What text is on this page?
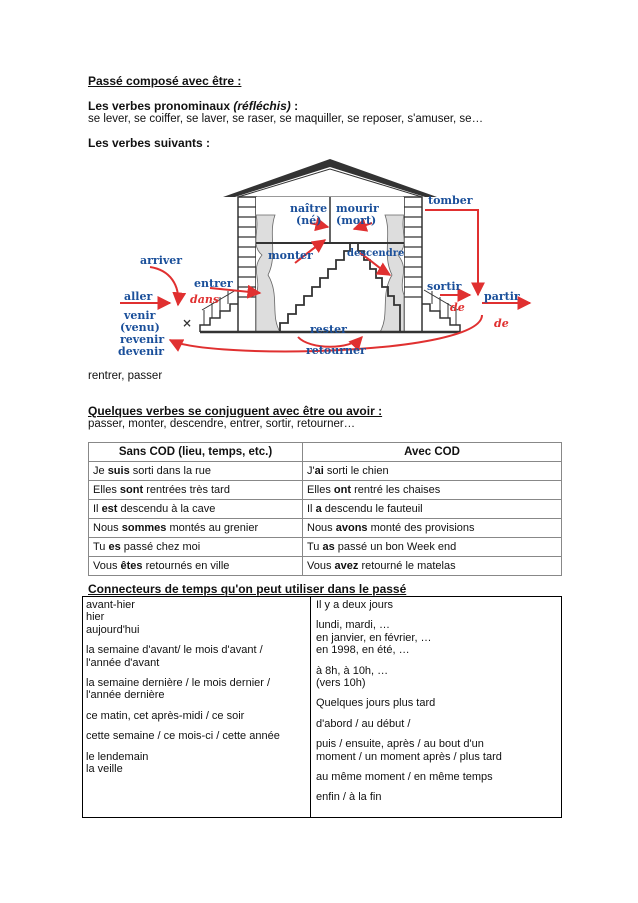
Passé composé avec être :
Les verbes pronominaux (réfléchis) :
se lever, se coiffer, se laver, se raser, se maquiller, se reposer, s'amuser, se…
Les verbes suivants :
naître
(né)
mourir
(mort)
tomber
arriver	monter	descendre
entrer	sortir
aller	partir
venir
(venu)
revenir
devenir
rester
retourner
dans
de
de
×
rentrer, passer
Quelques verbes se conjuguent avec être ou avoir :
passer, monter, descendre, entrer, sortir, retourner…
Sans COD (lieu, temps, etc.)	Avec COD
Je suis sorti dans la rue	J'ai sorti le chien
Elles sont rentrées très tard	Elles ont rentré les chaises
Il est descendu à la cave	Il a descendu le fauteuil
Nous sommes montés au grenier	Nous avons monté des provisions
Tu es passé chez moi	Tu as passé un bon Week end
Vous êtes retournés en ville	Vous avez retourné le matelas
Connecteurs de temps qu'on peut utiliser dans le passé
avant-hier
hier
aujourd'hui
la semaine d'avant/ le mois d'avant /
l'année d'avant
la semaine dernière / le mois dernier /
l'année dernière
ce matin, cet après-midi / ce soir
cette semaine / ce mois-ci / cette année
le lendemain
la veille
Il y a deux jours
lundi, mardi, …
en janvier, en février, …
en 1998, en été, …
à 8h, à 10h, …
(vers 10h)
Quelques jours plus tard
d'abord / au début /
puis / ensuite, après / au bout d'un
moment / un moment après / plus tard
au même moment / en même temps
enfin / à la fin
